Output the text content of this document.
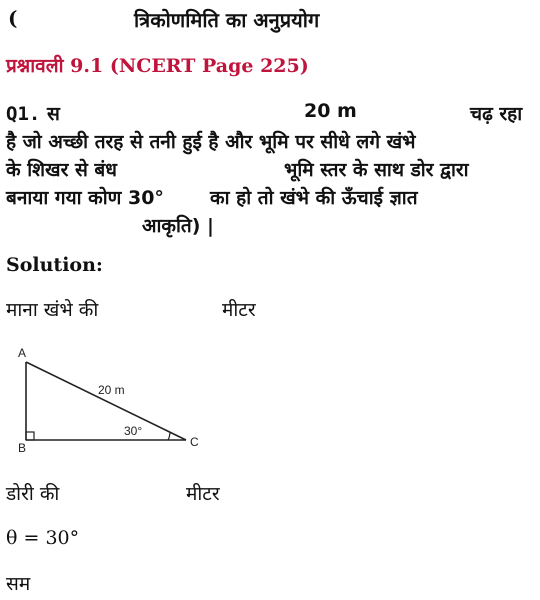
(	त्रिकोणमिति का अनुप्रयोग
प्रश्नावली 9.1 (NCERT Page 225)
Q1. स	20 m	चढ़ रहा
है जो अच्छी तरह से तनी हुई है और भूमि पर सीधे लगे खंभे
के शिखर से बंध	भूमि स्तर के साथ डोर द्वारा
बनाया गया कोण 30° का हो तो खंभे की ऊँचाई ज्ञात
आकृति) |
Solution:
माना खंभे की	मीटर
A
B	C
20 m
30°
डोरी की	मीटर
θ = 30°
सम
